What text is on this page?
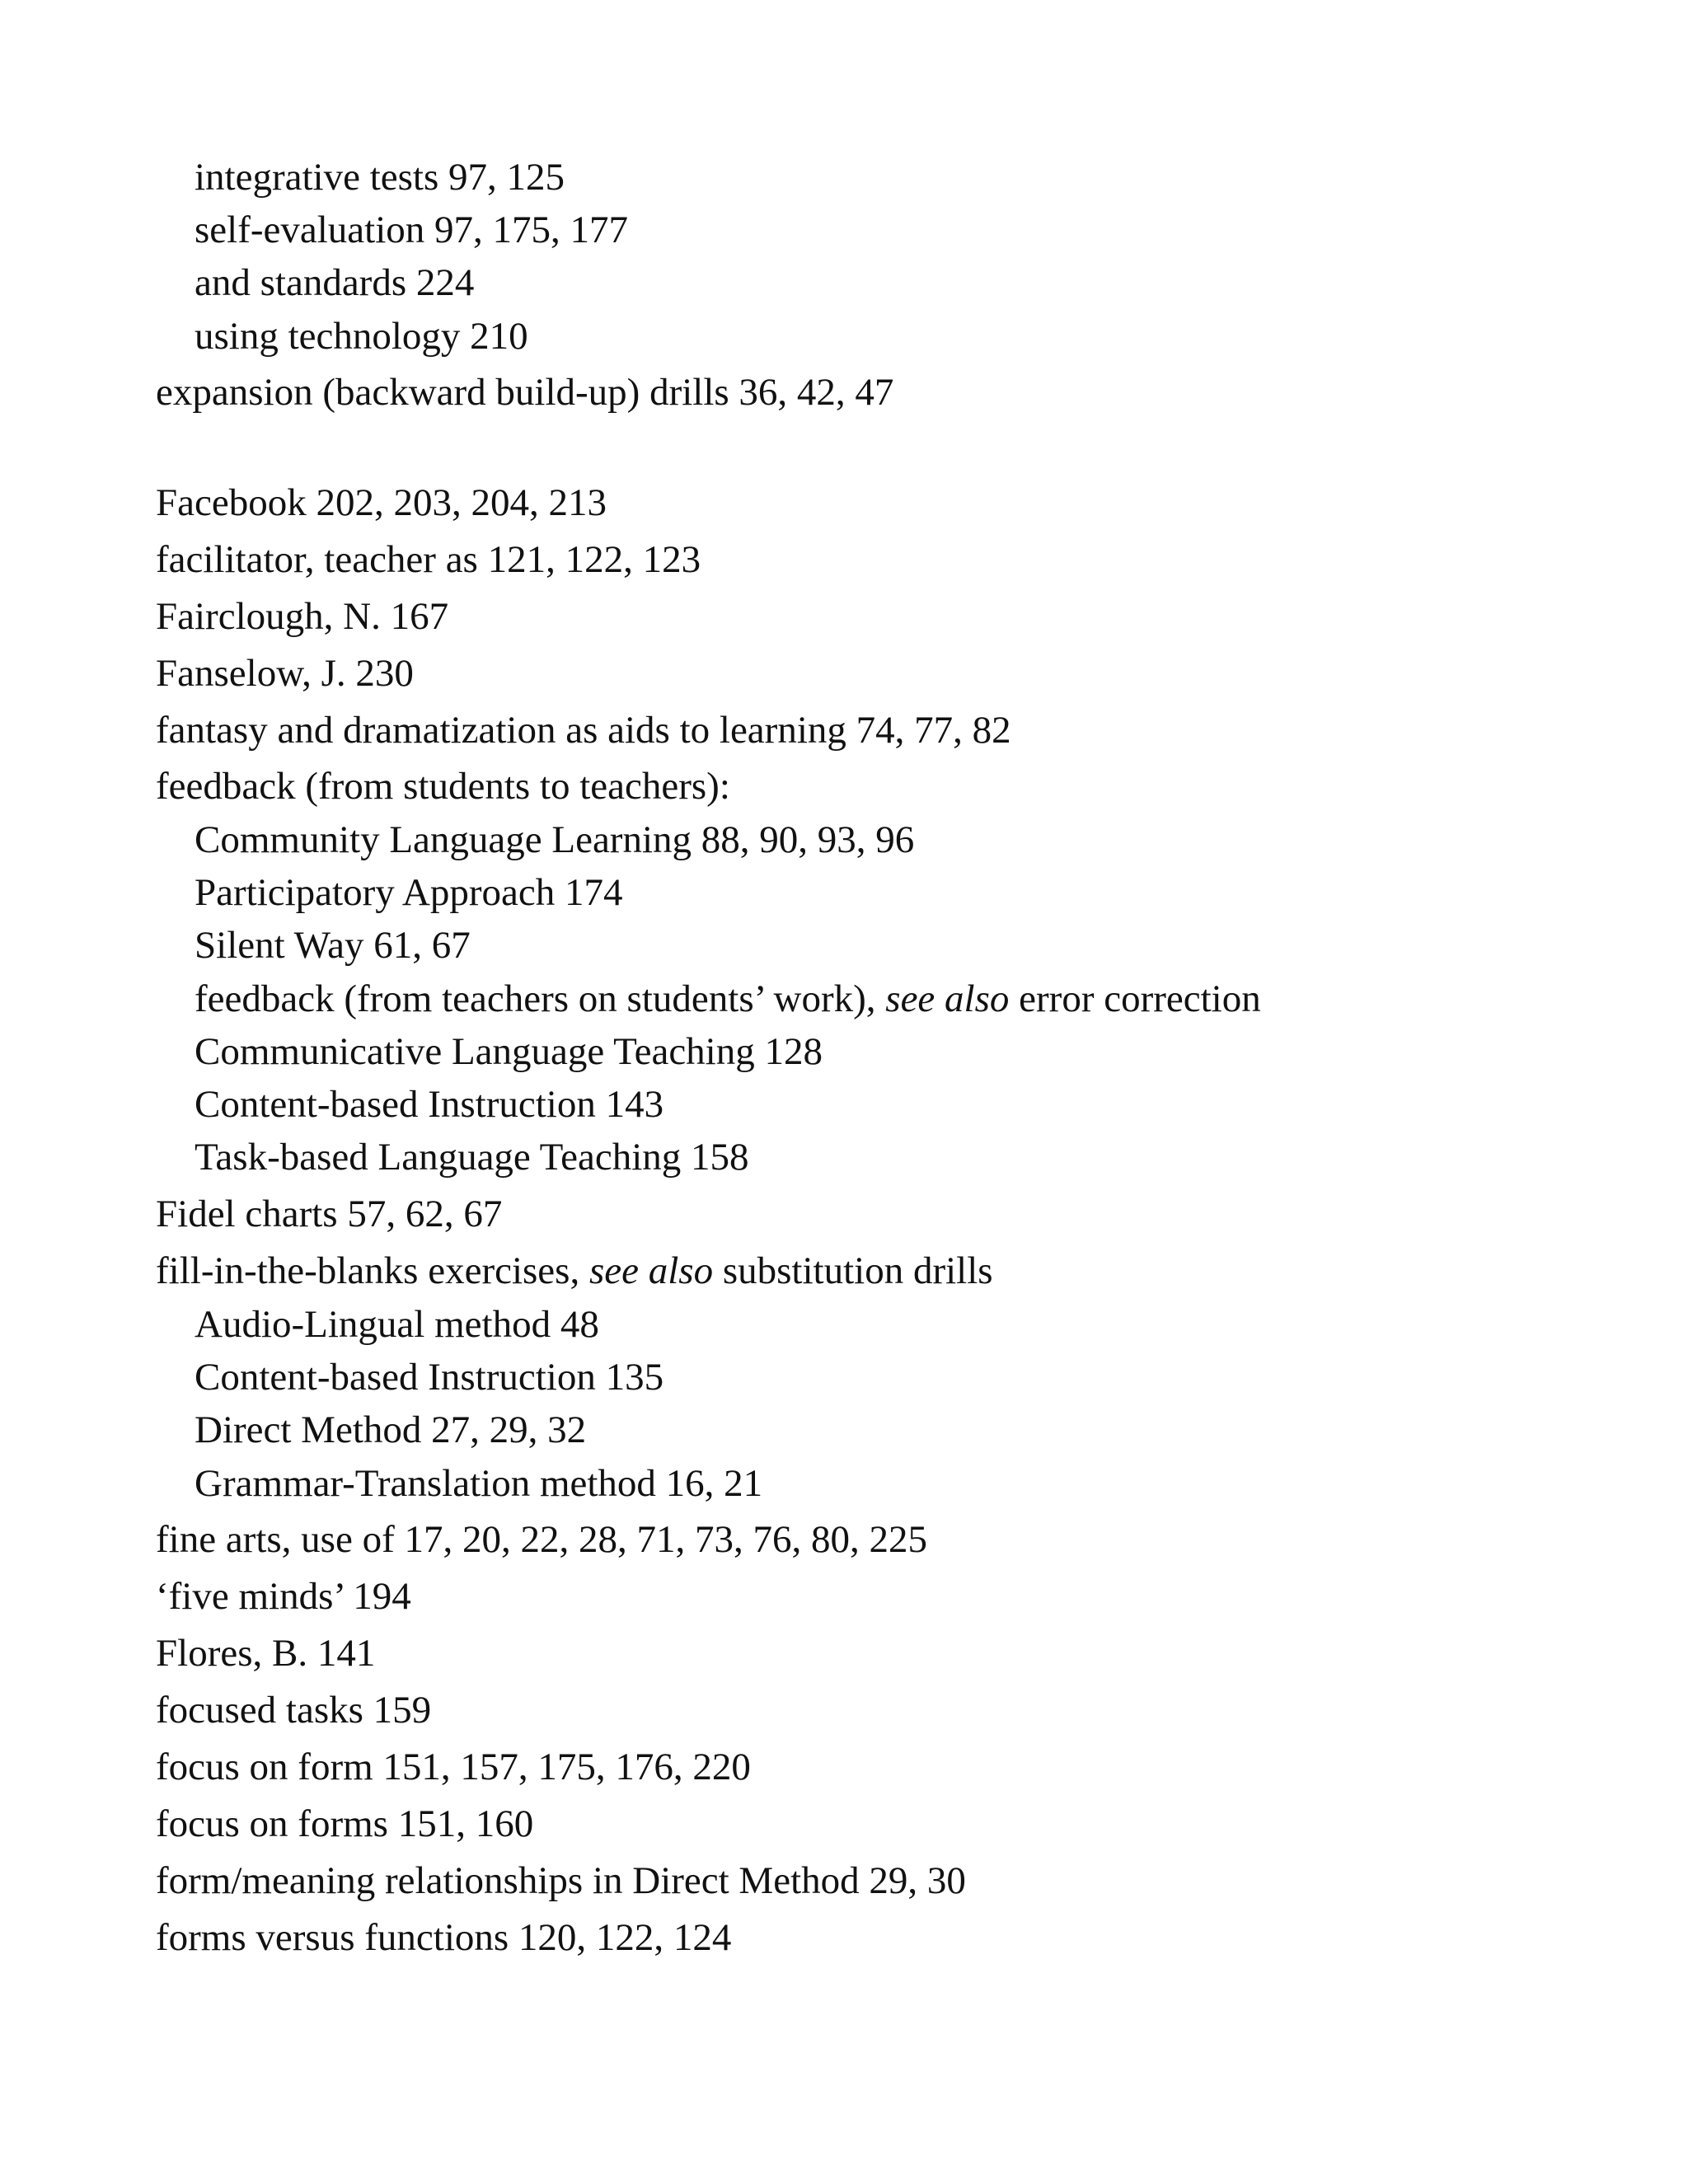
integrative tests 97, 125

self-evaluation 97, 175, 177

and standards 224

using technology 210

expansion (backward build-up) drills 36, 42, 47

Facebook 202, 203, 204, 213

facilitator, teacher as 121, 122, 123

Fairclough, N. 167

Fanselow, J. 230

fantasy and dramatization as aids to learning 74, 77, 82

feedback (from students to teachers):

Community Language Learning 88, 90, 93, 96

Participatory Approach 174

Silent Way 61, 67

feedback (from teachers on students’ work), see also error correction

Communicative Language Teaching 128

Content-based Instruction 143

Task-based Language Teaching 158

Fidel charts 57, 62, 67

fill-in-the-blanks exercises, see also substitution drills

Audio-Lingual method 48

Content-based Instruction 135

Direct Method 27, 29, 32

Grammar-Translation method 16, 21

fine arts, use of 17, 20, 22, 28, 71, 73, 76, 80, 225

‘five minds’ 194

Flores, B. 141

focused tasks 159

focus on form 151, 157, 175, 176, 220

focus on forms 151, 160

form/meaning relationships in Direct Method 29, 30

forms versus functions 120, 122, 124
